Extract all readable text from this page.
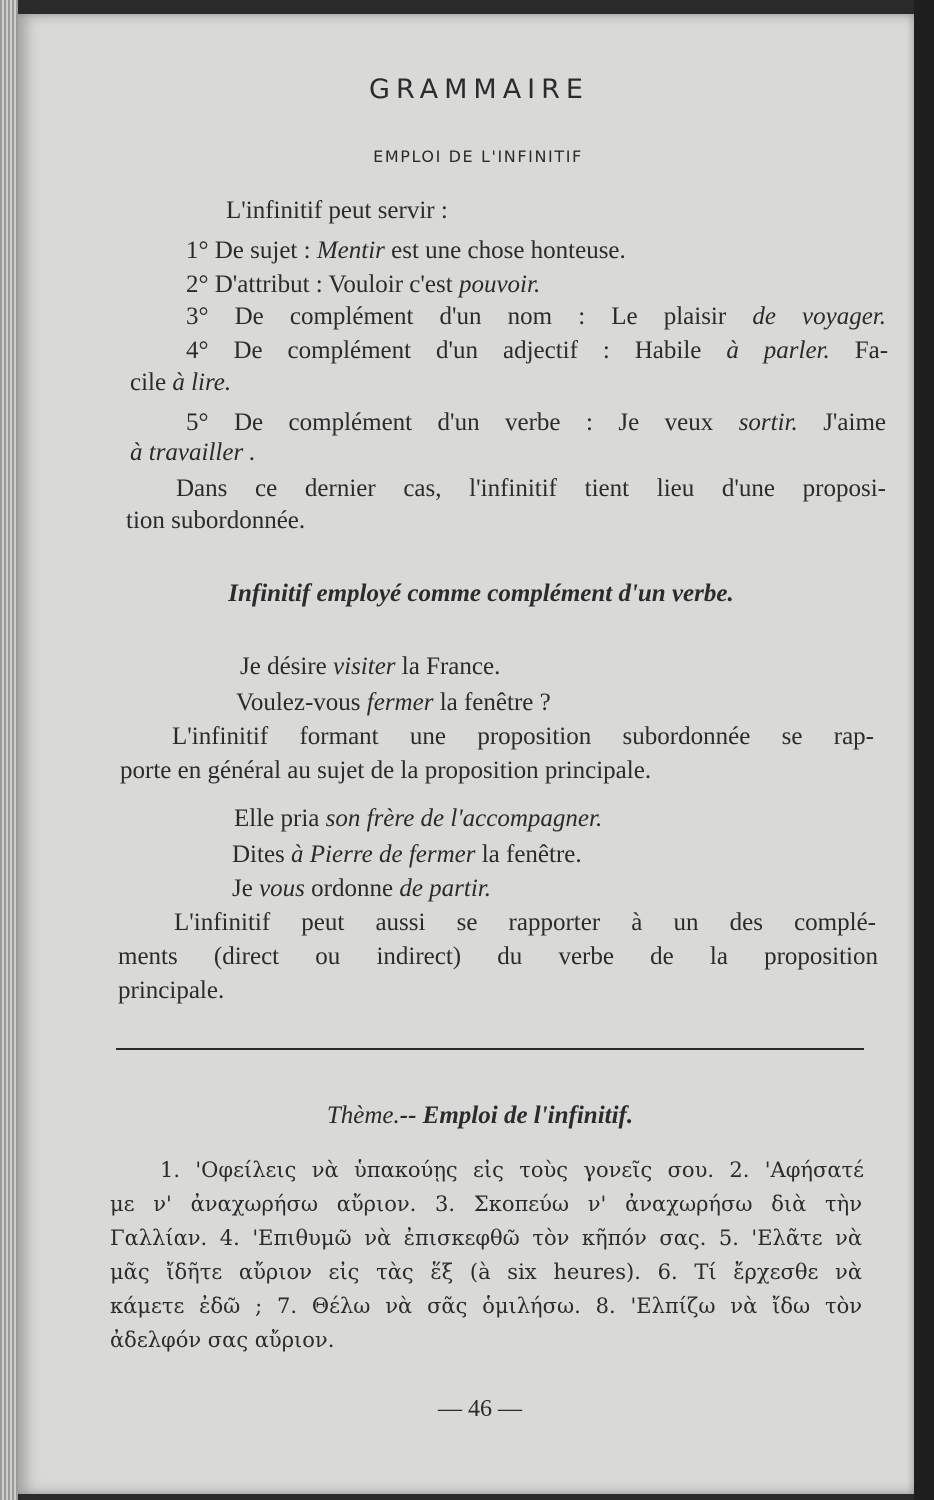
GRAMMAIRE
EMPLOI DE L'INFINITIF
L'infinitif peut servir :
1° De sujet : Mentir est une chose honteuse.
2° D'attribut : Vouloir c'est pouvoir.
3° De complément d'un nom : Le plaisir de voyager.
4° De complément d'un adjectif : Habile à parler. Fa-
cile à lire.
5° De complément d'un verbe : Je veux sortir. J'aime
à travailler .
Dans ce dernier cas, l'infinitif tient lieu d'une proposi-
tion subordonnée.
Infinitif employé comme complément d'un verbe.
Je désire visiter la France.
Voulez-vous fermer la fenêtre ?
L'infinitif formant une proposition subordonnée se rap-
porte en général au sujet de la proposition principale.
Elle pria son frère de l'accompagner.
Dites à Pierre de fermer la fenêtre.
Je vous ordonne de partir.
L'infinitif peut aussi se rapporter à un des complé-
ments (direct ou indirect) du verbe de la proposition
principale.
Thème.-- Emploi de l'infinitif.
1. 'Οφείλεις νὰ ὑπακούῃς εἰς τοὺς γονεῖς σου. 2. 'Αφήσατέ
με ν' ἀναχωρήσω αὔριον. 3. Σκοπεύω ν' ἀναχωρήσω διὰ τὴν
Γαλλίαν. 4. 'Επιθυμῶ νὰ ἐπισκεφθῶ τὸν κῆπόν σας. 5. 'Ελᾶτε νὰ
μᾶς ἴδῆτε αὔριον εἰς τὰς ἕξ (à six heures). 6. Τί ἔρχεσθε νὰ
κάμετε ἐδῶ ; 7. Θέλω νὰ σᾶς ὁμιλήσω. 8. 'Ελπίζω νὰ ἴδω τὸν
ἀδελφόν σας αὔριον.
— 46 —
